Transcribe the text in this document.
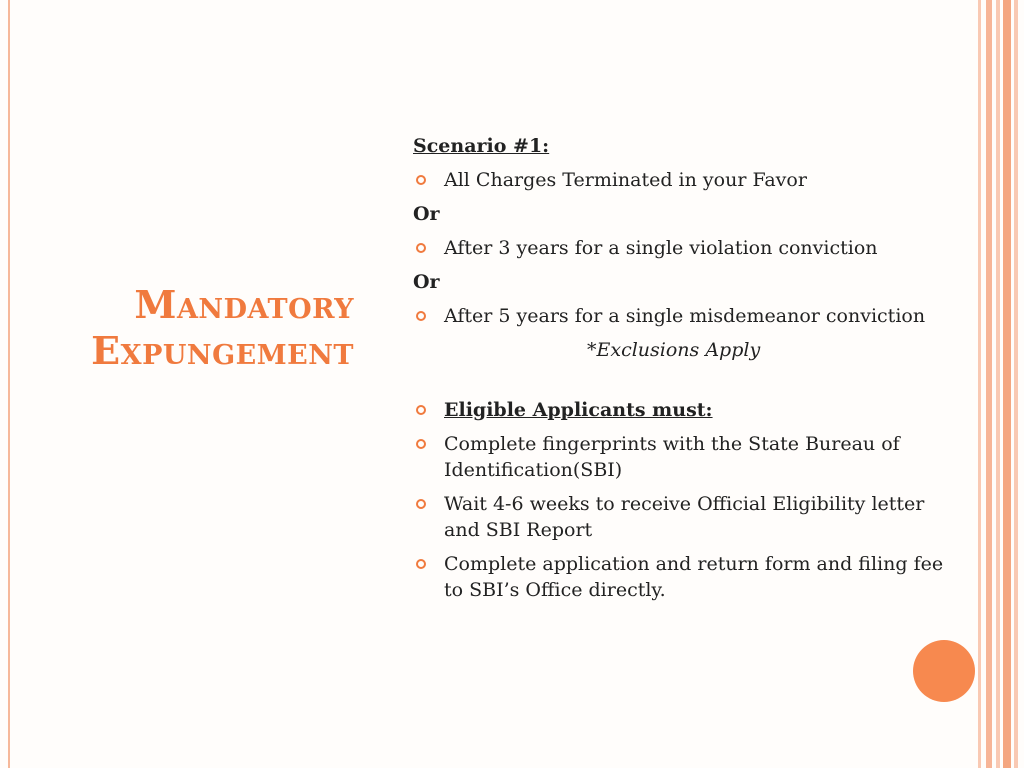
Mandatory
Expungement
Scenario #1:
All Charges Terminated in your Favor
Or
After 3 years for a single violation conviction
Or
After 5 years for a single misdemeanor conviction
*Exclusions Apply
Eligible Applicants must:
Complete fingerprints with the State Bureau of Identification(SBI)
Wait 4-6 weeks to receive Official Eligibility letter and SBI Report
Complete application and return form and filing fee to SBI’s Office directly.
